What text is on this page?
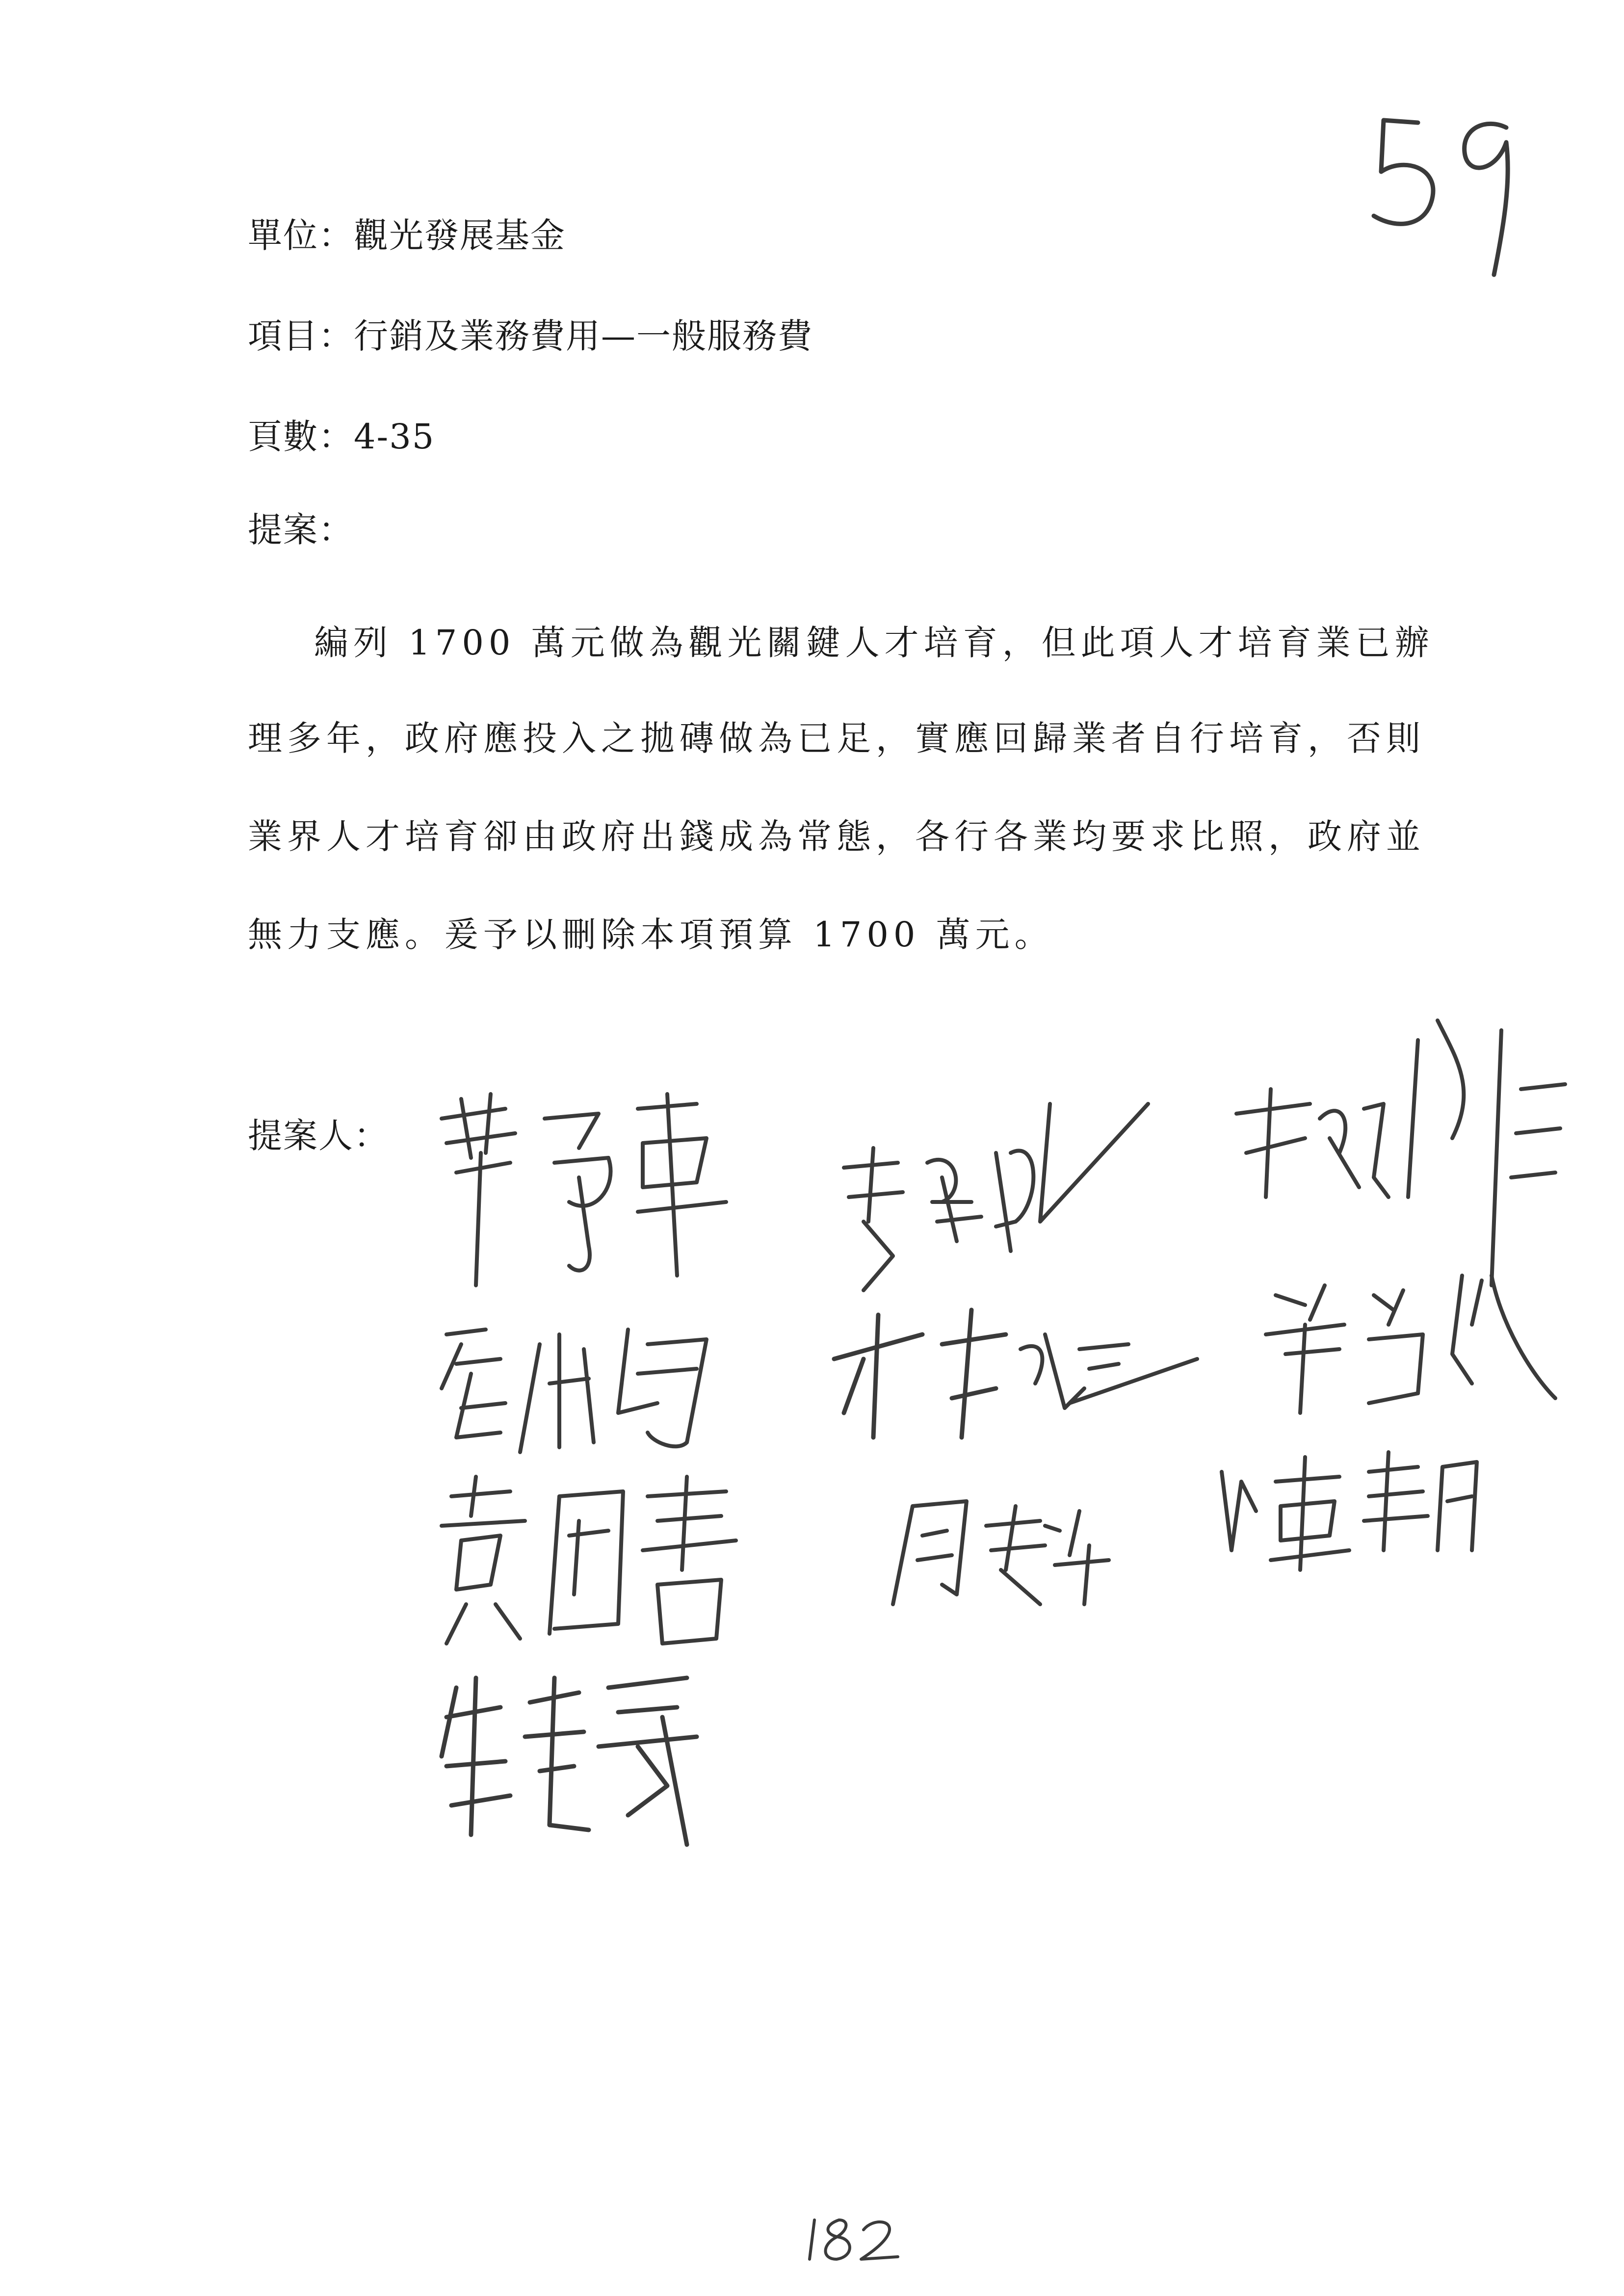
單位：觀光發展基金
項目：行銷及業務費用—一般服務費
頁數：4-35
提案：
編列 1700 萬元做為觀光關鍵人才培育，但此項人才培育業已辦
理多年，政府應投入之拋磚做為已足，實應回歸業者自行培育，否則
業界人才培育卻由政府出錢成為常態，各行各業均要求比照，政府並
無力支應。爰予以刪除本項預算 1700 萬元。
提案人：
